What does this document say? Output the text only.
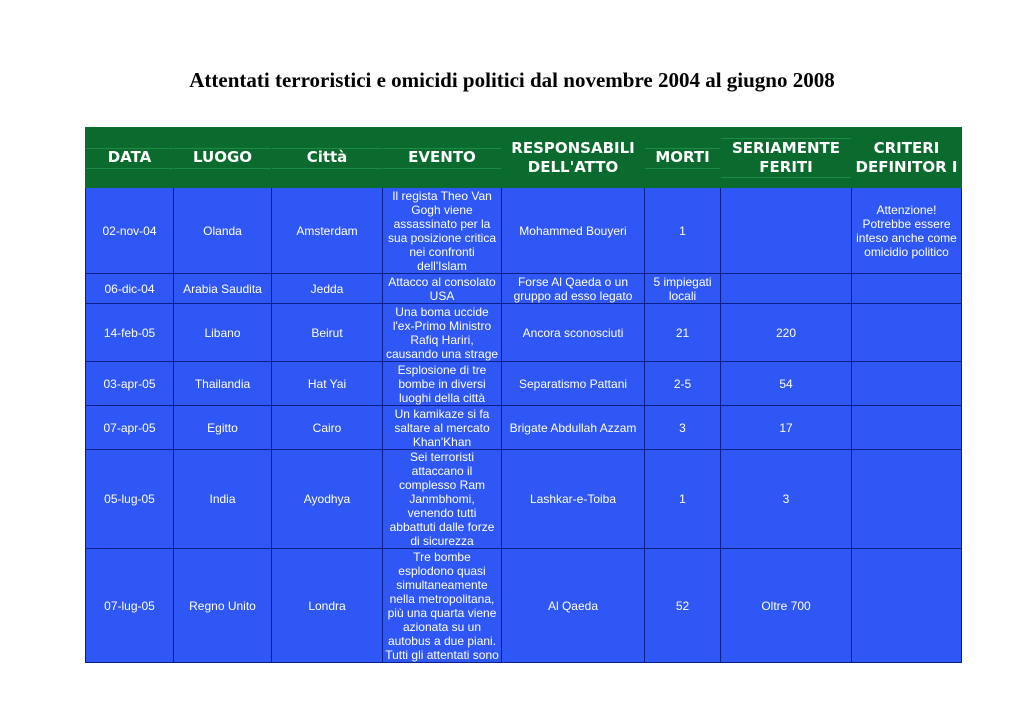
Attentati terroristici e omicidi politici dal novembre 2004 al giugno 2008
DATA	LUOGO	Città	EVENTO	RESPONSABILI DELL'ATTO	MORTI	SERIAMENTE FERITI	CRITERI DEFINITOR I
02-nov-04	Olanda	Amsterdam	Il regista Theo Van Gogh viene assassinato per la sua posizione critica nei confronti dell'Islam	Mohammed Bouyeri	1		Attenzione! Potrebbe essere inteso anche come omicidio politico
06-dic-04	Arabia Saudita	Jedda	Attacco al consolato USA	Forse Al Qaeda o un gruppo ad esso legato	5 impiegati locali		
14-feb-05	Libano	Beirut	Una boma uccide l'ex-Primo Ministro Rafiq Hariri, causando una strage	Ancora sconosciuti	21	220	
03-apr-05	Thailandia	Hat Yai	Esplosione di tre bombe in diversi luoghi della città	Separatismo Pattani	2-5	54	
07-apr-05	Egitto	Cairo	Un kamikaze si fa saltare al mercato Khan'Khan	Brigate Abdullah Azzam	3	17	
05-lug-05	India	Ayodhya	Sei terroristi attaccano il complesso Ram Janmbhomi, venendo tutti abbattuti dalle forze di sicurezza	Lashkar-e-Toiba	1	3	
07-lug-05	Regno Unito	Londra	Tre bombe esplodono quasi simultaneamente nella metropolitana, più una quarta viene azionata su un autobus a due piani. Tutti gli attentati sono	Al Qaeda	52	Oltre 700	
